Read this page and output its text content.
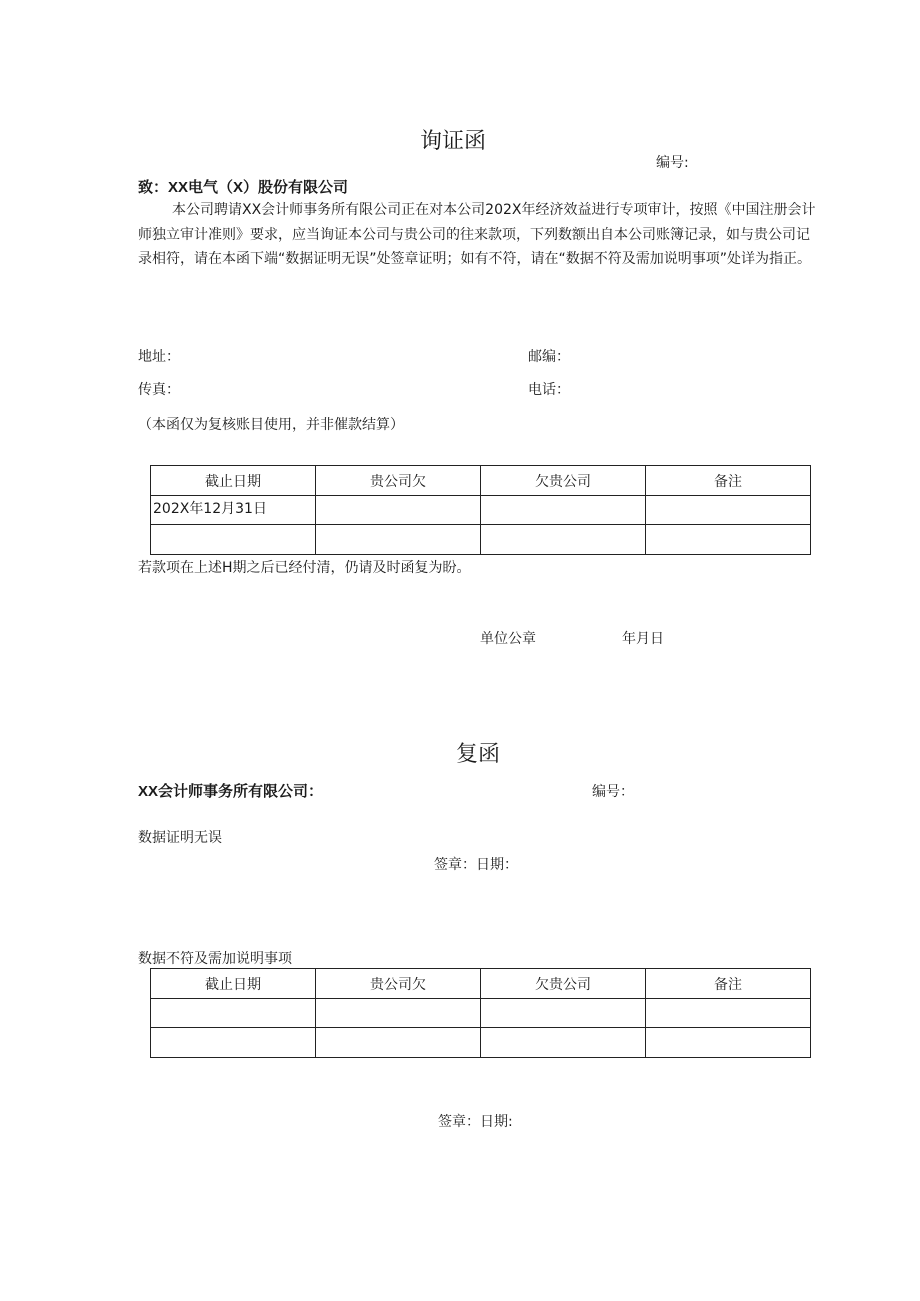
询证函
编号:
致：XX电气（X）股份有限公司
本公司聘请XX会计师事务所有限公司正在对本公司202X年经济效益进行专项审计，按照《中国注册会计师独立审计准则》要求，应当询证本公司与贵公司的往来款项，下列数额出自本公司账簿记录，如与贵公司记录相符，请在本函下端“数据证明无误”处签章证明；如有不符，请在“数据不符及需加说明事项”处详为指正。
地址：	邮编：
传真：	电话：
（本函仅为复核账目使用，并非催款结算）
截止日期	贵公司欠	欠贵公司	备注
202X年12月31日			

若款项在上述H期之后已经付清，仍请及时函复为盼。
单位公章	年月日
复函
XX会计师事务所有限公司：	编号：
数据证明无误
签章：日期：
数据不符及需加说明事项
截止日期	贵公司欠	欠贵公司	备注

签章：日期:
